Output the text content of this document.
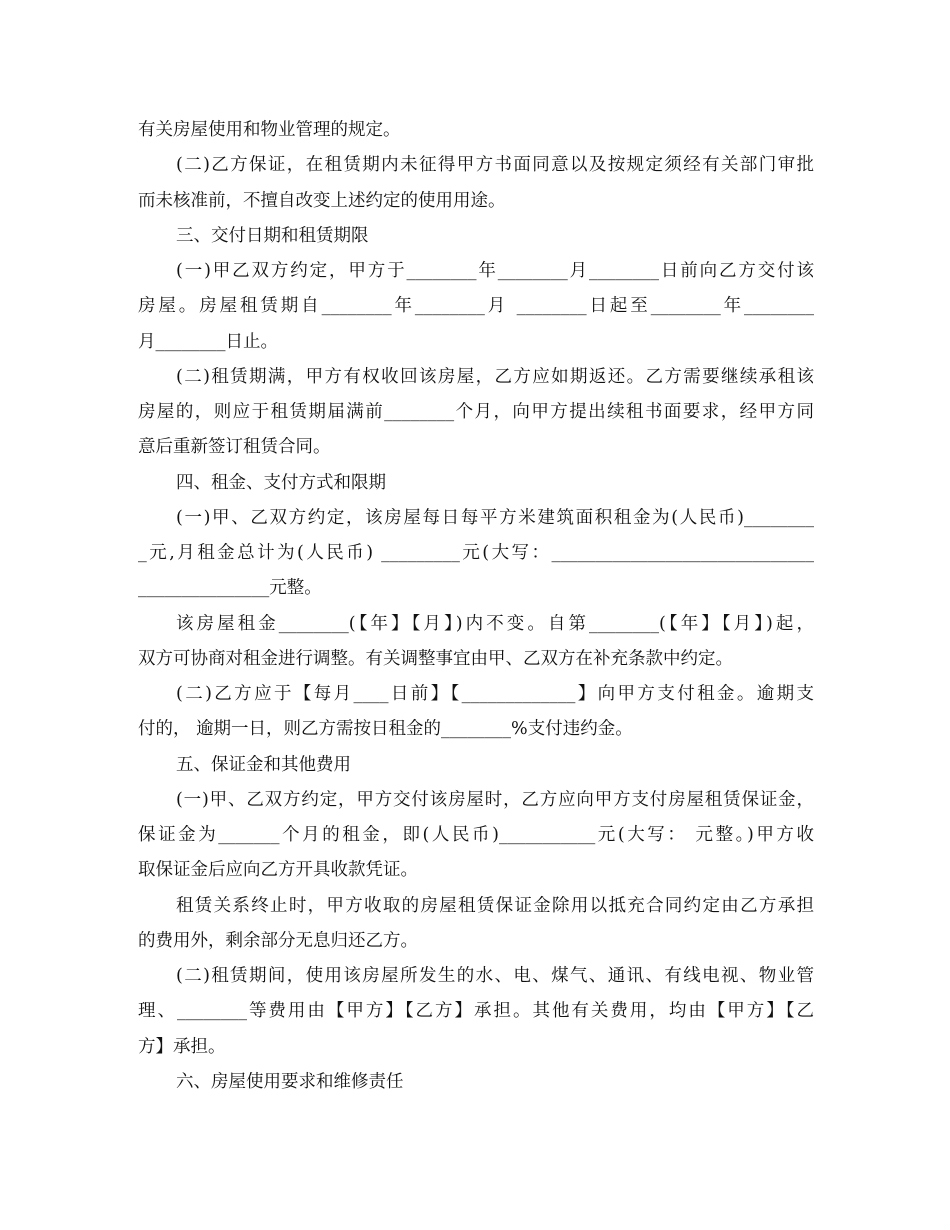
有关房屋使用和物业管理的规定。
(二)乙方保证，在租赁期内未征得甲方书面同意以及按规定须经有关部门审批
而未核准前，不擅自改变上述约定的使用用途。
三、交付日期和租赁期限
(一)甲乙双方约定，甲方于________年________月________日前向乙方交付该
房屋。房屋租赁期自________年________月 ________日起至________年________
月________日止。
(二)租赁期满，甲方有权收回该房屋，乙方应如期返还。乙方需要继续承租该
房屋的，则应于租赁期届满前________个月，向甲方提出续租书面要求，经甲方同
意后重新签订租赁合同。
四、租金、支付方式和限期
(一)甲、乙双方约定，该房屋每日每平方米建筑面积租金为(人民币)________
_元,月租金总计为(人民币) _________元(大写：______________________________
_______________元整。
该房屋租金________(【年】【月】)内不变。自第________(【年】【月】)起，
双方可协商对租金进行调整。有关调整事宜由甲、乙双方在补充条款中约定。
(二)乙方应于【每月____日前】【_____________】向甲方支付租金。逾期支
付的， 逾期一日，则乙方需按日租金的________%支付违约金。
五、保证金和其他费用
(一)甲、乙双方约定，甲方交付该房屋时，乙方应向甲方支付房屋租赁保证金，
保证金为_______个月的租金，即(人民币)___________元(大写： 元整。)甲方收
取保证金后应向乙方开具收款凭证。
租赁关系终止时，甲方收取的房屋租赁保证金除用以抵充合同约定由乙方承担
的费用外，剩余部分无息归还乙方。
(二)租赁期间，使用该房屋所发生的水、电、煤气、通讯、有线电视、物业管
理、________等费用由【甲方】【乙方】承担。其他有关费用，均由【甲方】【乙
方】承担。
六、房屋使用要求和维修责任
